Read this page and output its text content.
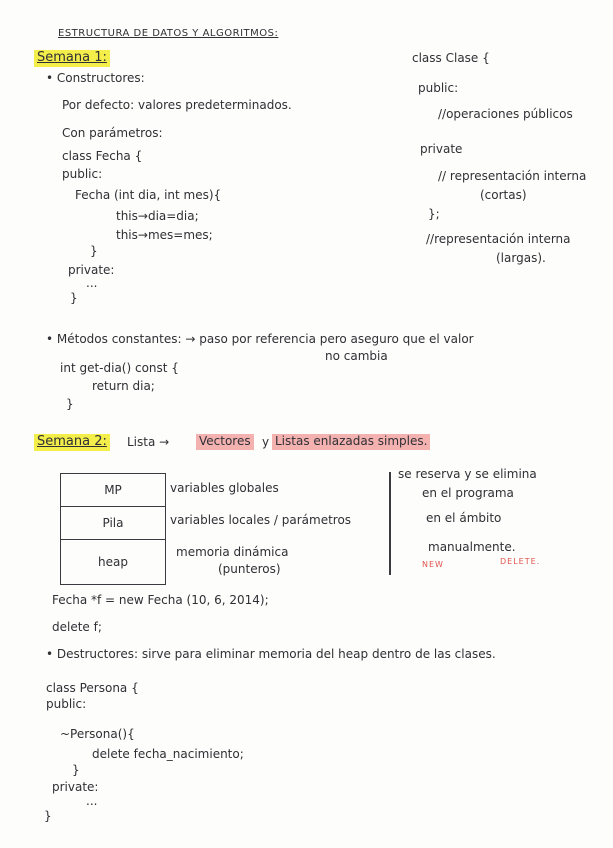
ESTRUCTURA DE DATOS Y ALGORITMOS:
Semana 1:
• Constructores:
Por defecto: valores predeterminados.
Con parámetros:
class Fecha {
public:
Fecha (int dia, int mes){
this→dia=dia;
this→mes=mes;
}
private:
...
}
class Clase {
public:
//operaciones públicos
private
// representación interna
(cortas)
};
//representación interna
(largas).
• Métodos constantes: → paso por referencia pero aseguro que el valor
no cambia
int get-dia() const {
return dia;
}
Semana 2: Lista → Vectores y Listas enlazadas simples.
MP
Pila
heap
variables globales
variables locales / parámetros
memoria dinámica
(punteros)
se reserva y se elimina
en el programa
en el ámbito
manualmente.
NEW	DELETE.
Fecha *f = new Fecha (10, 6, 2014);
delete f;
• Destructores: sirve para eliminar memoria del heap dentro de las clases.
class Persona {
public:
~Persona(){
delete fecha_nacimiento;
}
private:
...
}
